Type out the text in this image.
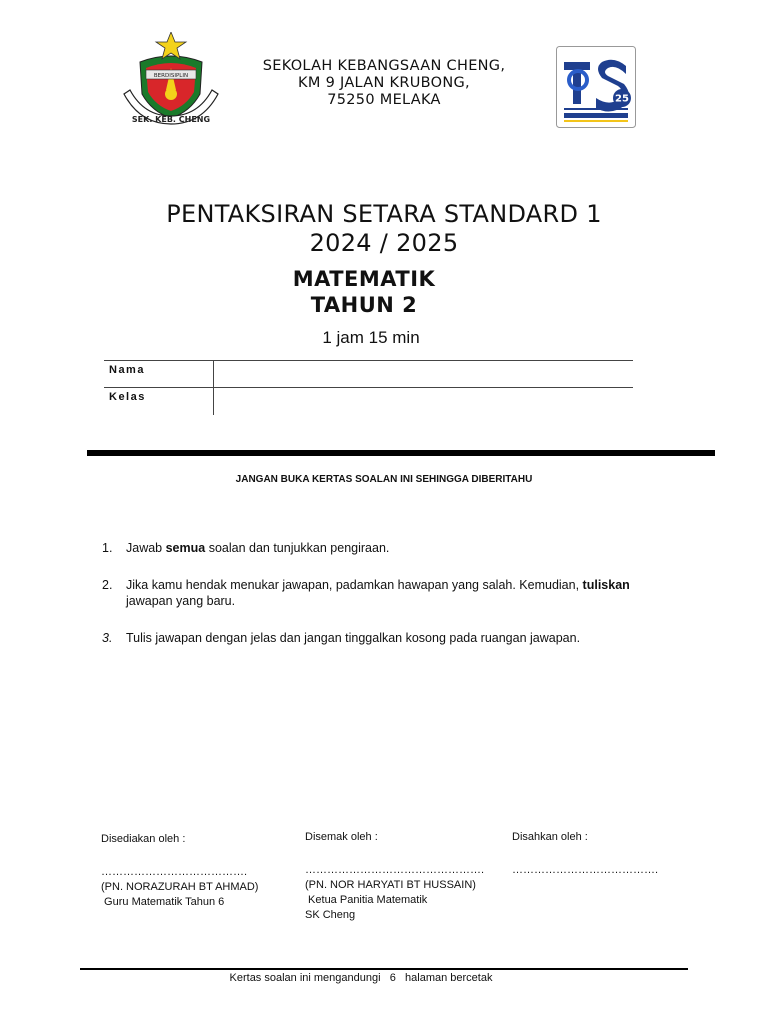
BERDISIPLIN
SEK. KEB. CHENG
SEKOLAH KEBANGSAAN CHENG,
KM 9 JALAN KRUBONG,
75250 MELAKA	25
PENTAKSIRAN SETARA STANDARD 1
2024 / 2025
MATEMATIK
TAHUN 2
1 jam 15 min
Nama
Kelas
JANGAN BUKA KERTAS SOALAN INI SEHINGGA DIBERITAHU
1. Jawab semua soalan dan tunjukkan pengiraan.
2. Jika kamu hendak menukar jawapan, padamkan hawapan yang salah. Kemudian, tuliskan
jawapan yang baru.
3. Tulis jawapan dengan jelas dan jangan tinggalkan kosong pada ruangan jawapan.
Disediakan oleh :
………………………………….
(PN. NORAZURAH BT AHMAD)
Guru Matematik Tahun 6
Disemak oleh :
………………………………………….
(PN. NOR HARYATI BT HUSSAIN)
Ketua Panitia Matematik
SK Cheng
Disahkan oleh :
………………………………….
Kertas soalan ini mengandungi   6   halaman bercetak
